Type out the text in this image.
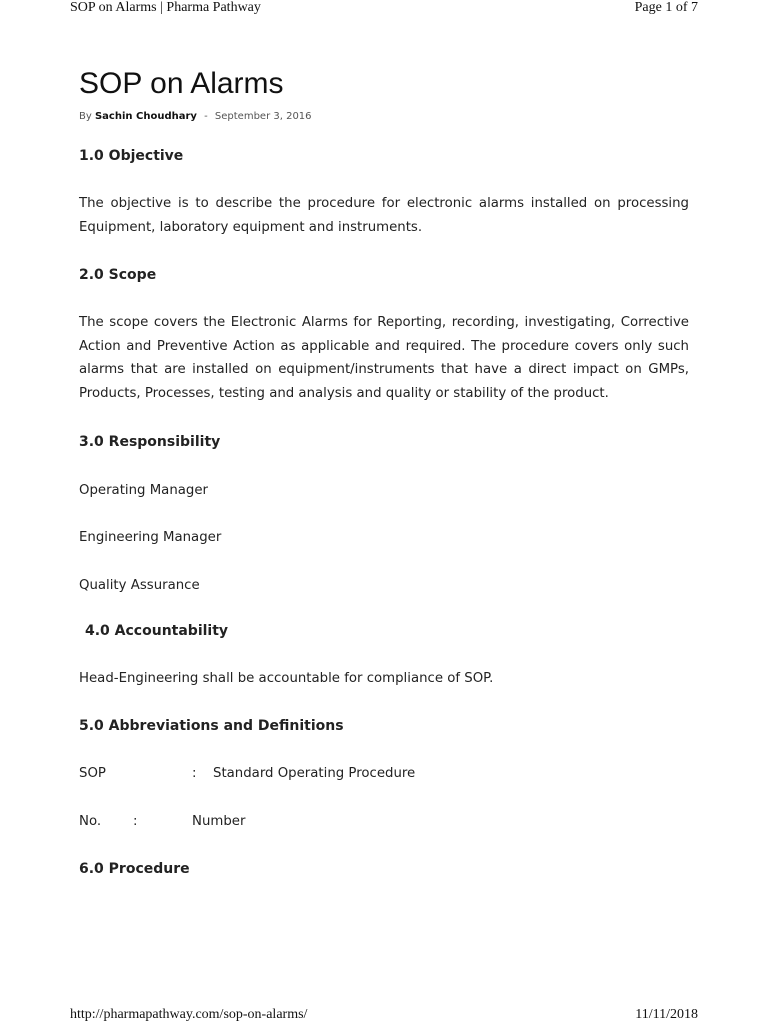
SOP on Alarms | Pharma Pathway	Page 1 of 7
SOP on Alarms
By Sachin Choudhary - September 3, 2016
1.0 Objective

The objective is to describe the procedure for electronic alarms installed on processing Equipment, laboratory equipment and instruments.

2.0 Scope

The scope covers the Electronic Alarms for Reporting, recording, investigating, Corrective Action and Preventive Action as applicable and required. The procedure covers only such alarms that are installed on equipment/instruments that have a direct impact on GMPs, Products, Processes, testing and analysis and quality or stability of the product.

3.0 Responsibility

Operating Manager

Engineering Manager

Quality Assurance

4.0 Accountability

Head-Engineering shall be accountable for compliance of SOP.

5.0 Abbreviations and Definitions
SOP	: Standard Operating Procedure
No. :	Number
6.0 Procedure
http://pharmapathway.com/sop-on-alarms/	11/11/2018
